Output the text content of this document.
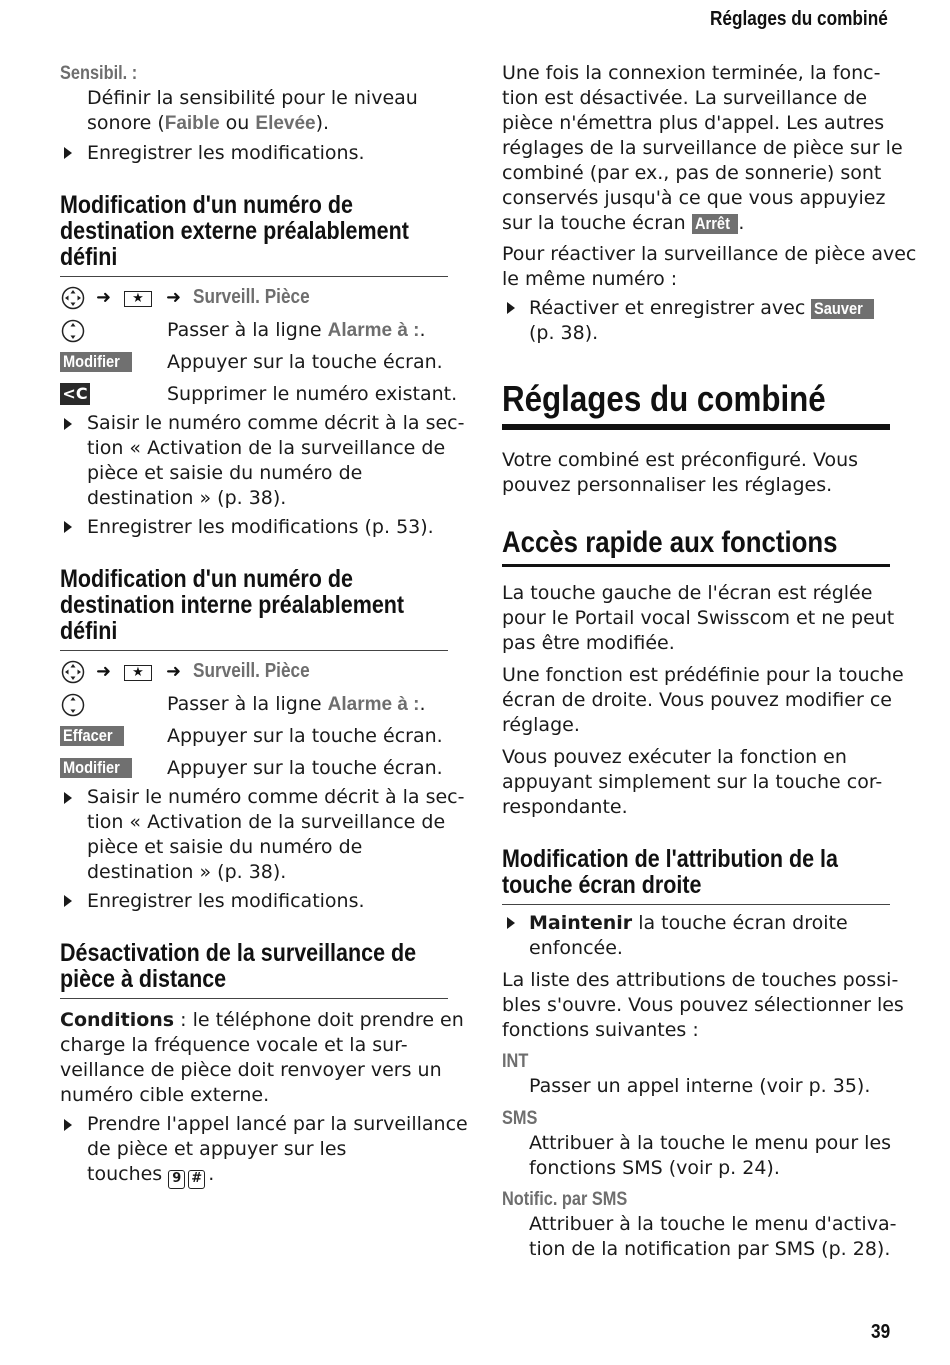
Réglages du combiné
Sensibil. :
Définir la sensibilité pour le niveau sonore (Faible ou Elevée).
Enregistrer les modifications.
Modification d'un numéro de
destination externe préalablement
défini
➜	★	➜ Surveill. Pièce
Passer à la ligne Alarme à :.
Modifier	Appuyer sur la touche écran.
<C	Supprimer le numéro existant.
Saisir le numéro comme décrit à la sec-
tion « Activation de la surveillance de
pièce et saisie du numéro de
destination » (p. 38).
Enregistrer les modifications (p. 53).
Modification d'un numéro de
destination interne préalablement
défini
➜	★	➜ Surveill. Pièce
Passer à la ligne Alarme à :.
Effacer	Appuyer sur la touche écran.
Modifier	Appuyer sur la touche écran.
Saisir le numéro comme décrit à la sec-
tion « Activation de la surveillance de
pièce et saisie du numéro de
destination » (p. 38).
Enregistrer les modifications.
Désactivation de la surveillance de
pièce à distance
Conditions : le téléphone doit prendre en
charge la fréquence vocale et la sur-
veillance de pièce doit renvoyer vers un
numéro cible externe.
Prendre l'appel lancé par la surveillance
de pièce et appuyer sur les
touches 9 # .
Une fois la connexion terminée, la fonc-
tion est désactivée. La surveillance de
pièce n'émettra plus d'appel. Les autres
réglages de la surveillance de pièce sur le
combiné (par ex., pas de sonnerie) sont
conservés jusqu'à ce que vous appuyiez
sur la touche écran Arrêt .
Pour réactiver la surveillance de pièce avec
le même numéro :
Réactiver et enregistrer avec Sauver
(p. 38).
Réglages du combiné
Votre combiné est préconfiguré. Vous
pouvez personnaliser les réglages.
Accès rapide aux fonctions
La touche gauche de l'écran est réglée
pour le Portail vocal Swisscom et ne peut
pas être modifiée.
Une fonction est prédéfinie pour la touche
écran de droite. Vous pouvez modifier ce
réglage.
Vous pouvez exécuter la fonction en
appuyant simplement sur la touche cor-
respondante.
Modification de l'attribution de la
touche écran droite
Maintenir la touche écran droite
enfoncée.
La liste des attributions de touches possi-
bles s'ouvre. Vous pouvez sélectionner les
fonctions suivantes :
INT
Passer un appel interne (voir p. 35).
SMS
Attribuer à la touche le menu pour les
fonctions SMS (voir p. 24).
Notific. par SMS
Attribuer à la touche le menu d'activa-
tion de la notification par SMS (p. 28).
39
